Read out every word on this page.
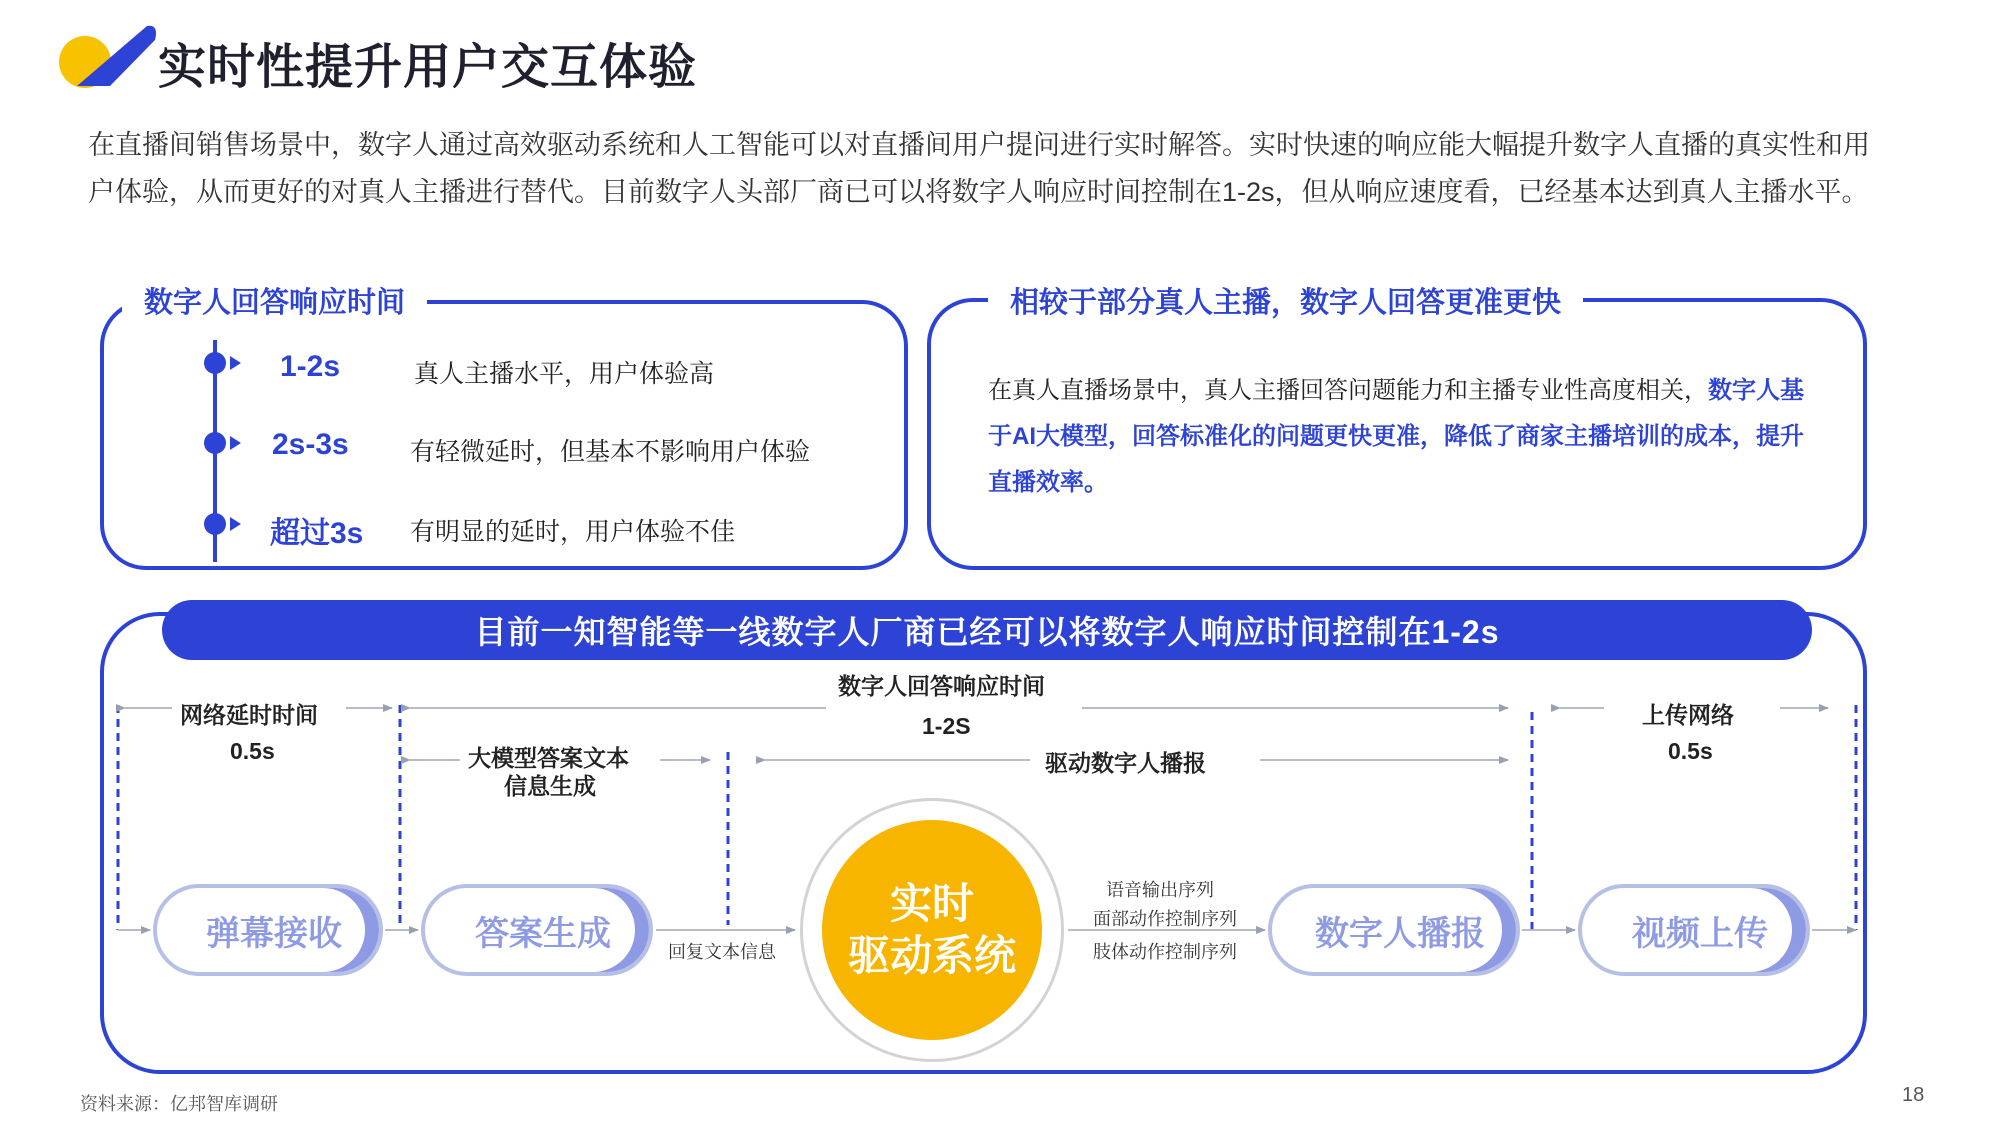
实时性提升用户交互体验
在直播间销售场景中，数字人通过高效驱动系统和人工智能可以对直播间用户提问进行实时解答。实时快速的响应能大幅提升数字人直播的真实性和用户体验，从而更好的对真人主播进行替代。目前数字人头部厂商已可以将数字人响应时间控制在1-2s，但从响应速度看，已经基本达到真人主播水平。
数字人回答响应时间
1-2s	真人主播水平，用户体验高
2s-3s 有轻微延时，但基本不影响用户体验
超过3s 有明显的延时，用户体验不佳
相较于部分真人主播，数字人回答更准更快
在真人直播场景中，真人主播回答问题能力和主播专业性高度相关，数字人基于AI大模型，回答标准化的问题更快更准，降低了商家主播培训的成本，提升直播效率。
目前一知智能等一线数字人厂商已经可以将数字人响应时间控制在1-2s
网络延时时间
0.5s
数字人回答响应时间
1-2S
大模型答案文本
信息生成
驱动数字人播报
上传网络
0.5s
回复文本信息
语音输出序列
面部动作控制序列
肢体动作控制序列
弹幕接收	答案生成	数字人播报	视频上传
实时
驱动系统
资料来源：亿邦智库调研	18
